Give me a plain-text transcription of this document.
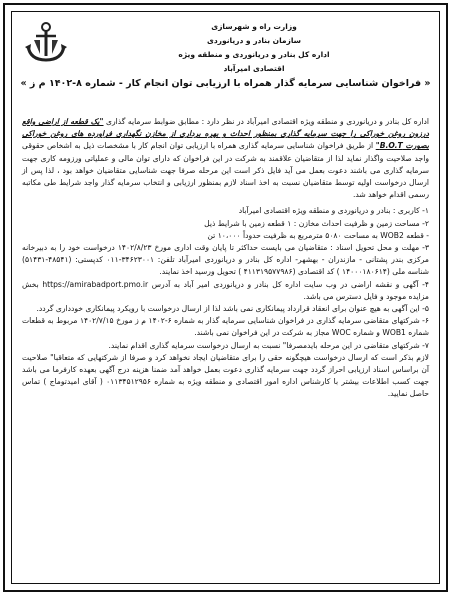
وزارت راه و شهرسازی
سازمان بنادر و دریانوردی
اداره کل بنادر و دریانوردی و منطقه ویژه اقتصادی امیرآباد
« فراخوان شناسایی سرمایه گذار همراه با ارزیابی توان انجام کار - شماره ۸-۱۴۰۲ م ز »

اداره کل بنادر و دریانوردی و منطقه ویژه اقتصادی امیرآباد در نظر دارد : مطابق ضوابط سرمایه گذاری "یک قطعه از اراضی واقع درزون روغن خوراکی را جهت سرمایه گذاری بمنظور احداث و بهره برداری از مخازن نگهداری فراورده های روغن خوراکی بصورت B.O.T" از طریق فراخوان شناسایی سرمایه گذاری همراه با ارزیابی توان انجام کار با مشخصات ذیل به اشخاص حقوقی واجد صلاحیت واگذار نماید لذا از متقاضیان علاقمند به شرکت در این فراخوان که دارای توان مالی و عملیاتی ورزومه کاری جهت سرمایه گذاری می باشند دعوت بعمل می آید فایل ذکر است این مرحله صرفا جهت شناسایی متقاضیان خواهد بود ، لذا پس از ارسال درخواست اولیه توسط متقاضیان نسبت به اخذ اسناد لازم بمنظور ارزیابی و انتخاب سرمایه گذار واجد شرایط طی مکاتبه رسمی اقدام خواهد شد.

۱- کاربری : بنادر و دریانوردی و منطقه ویژه اقتصادی امیرآباد
۲- مساحت زمین و ظرفیت احداث مخازن : ۱ قطعه زمین با شرایط ذیل
- قطعه WOB2 به مساحت ۵۰۸۰ مترمربع به ظرفیت حدوداً ۱۰،۰۰۰ تن
۳- مهلت و محل تحویل اسناد : متقاضیان می بایست حداکثر تا پایان وقت اداری مورخ ۱۴۰۲/۸/۲۳ درخواست خود را به دبیرخانه مرکزی بندر پشتانی - مازندران - بهشهر- اداره کل بنادر و دریانوردی امیرآباد تلفن: ۳۴۶۲۳۰۰۱-۰۱۱ کدپستی: (۴۸۵۴۱-۵۱۴۳۱) شناسه ملی (۱۴۰۰۰۱۸۰۶۱۴ ) کد اقتصادی (۴۱۱۳۱۹۵۷۷۹۸۶ ) تحویل ورسید اخذ نمایند.
۴- آگهی و نقشه اراضی در وب سایت اداره کل بنادر و دریانوردی امیر آباد به آدرس https://amirabadport.pmo.ir بخش مزایده موجود و فایل دسترس می باشد.
۵- این آگهی به هیچ عنوان برای انعقاد قرارداد پیمانکاری نمی باشد لذا از ارسال درخواست با رویکرد پیمانکاری خودداری گردد.
۶- شرکتهای متقاضی سرمایه گذاری در فراخوان شناسایی سرمایه گذار به شماره ۶-۱۴۰۲ م ز مورخ ۱۴۰۲/۷/۱۵ مربوط به قطعات شماره WOB1 و شماره WOC مجاز به شرکت در این فراخوان نمی باشند.
۷- شرکتهای متقاضی در این مرحله بایدمصرفا" نسبت به ارسال درخواست سرمایه گذاری اقدام نمایند.

لازم بذکر است که ارسال درخواست هیچگونه حقی را برای متقاضیان ایجاد نخواهد کرد و صرفا از شرکتهایی که متعاقبا" صلاحیت آن براساس اسناد ارزیابی احراز گردد جهت سرمایه گذاری دعوت بعمل خواهد آمد ضمنا هزینه درج آگهی بعهده کارفرما می باشد جهت کسب اطلاعات بیشتر با کارشناس اداره امور اقتصادی و منطقه ویژه به شماره ۰۱۱۳۴۵۱۲۹۵۶ ( آقای امیدتوماج ) تماس حاصل نمایید.
